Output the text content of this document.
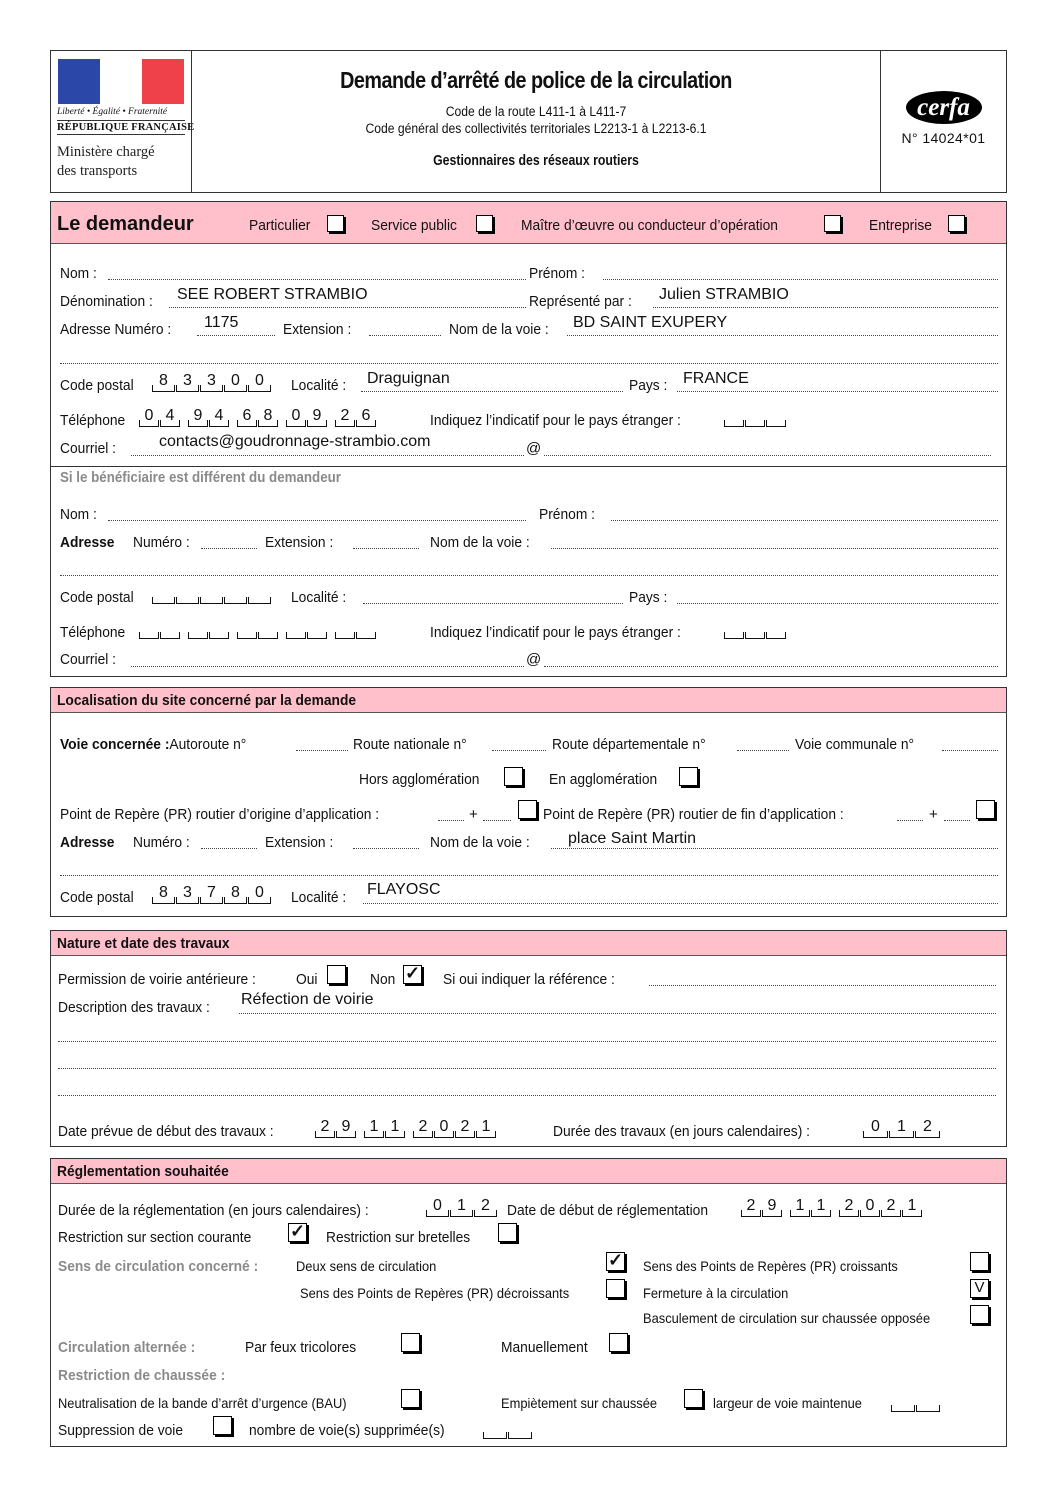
Liberté • Égalité • Fraternité
RÉPUBLIQUE FRANÇAISE
Ministère chargé
des transports
Demande d’arrêté de police de la circulation
Code de la route L411-1 à L411-7
Code général des collectivités territoriales L2213-1 à L2213-6.1
Gestionnaires des réseaux routiers
cerfa
N° 14024*01
Le demandeur	Particulier	Service public	Maître d’œuvre ou conducteur d’opération	Entreprise
Nom :	Prénom :
Dénomination :	SEE ROBERT STRAMBIO	Représenté par :	Julien STRAMBIO
Adresse Numéro :	1175	Extension :	Nom de la voie :	BD SAINT EXUPERY
Code postal	8 3 3 0 0	Localité :	Draguignan	Pays : FRANCE
Téléphone	0 4	9 4	6 8	0 9	2 6	Indiquez l’indicatif pour le pays étranger :
Courriel :	contacts@goudronnage-strambio.com	@
Si le bénéficiaire est différent du demandeur
Nom :	Prénom :
Adresse	Numéro :	Extension :	Nom de la voie :
Code postal	Localité :	Pays :
Téléphone	Indiquez l’indicatif pour le pays étranger :
Courriel :	@
Localisation du site concerné par la demande
Voie concernée :Autoroute n°	Route nationale n°	Route départementale n°	Voie communale n°
Hors agglomération	En agglomération
Point de Repère (PR) routier d’origine d’application :	+	Point de Repère (PR) routier de fin d’application :	+
Adresse	Numéro :	Extension :	Nom de la voie :	place Saint Martin
Code postal	8 3 7 8 0	Localité :	FLAYOSC
Nature et date des travaux
Permission de voirie antérieure :	Oui	Non ✓ Si oui indiquer la référence :
Description des travaux :	Réfection de voirie
Date prévue de début des travaux :	2 9	1 1	2 0 2 1	Durée des travaux (en jours calendaires) :	0	1	2
Réglementation souhaitée
Durée de la réglementation (en jours calendaires) :	0 1 2	Date de début de réglementation	2 9	1 1	2 0 2 1
Restriction sur section courante	✓ Restriction sur bretelles
Sens de circulation concerné :	Deux sens de circulation	✓ Sens des Points de Repères (PR) croissants
Sens des Points de Repères (PR) décroissants	Fermeture à la circulation	V
Basculement de circulation sur chaussée opposée
Circulation alternée :	Par feux tricolores	Manuellement
Restriction de chaussée :
Neutralisation de la bande d’arrêt d’urgence (BAU)	Empiètement sur chaussée	largeur de voie maintenue
Suppression de voie	nombre de voie(s) supprimée(s)
